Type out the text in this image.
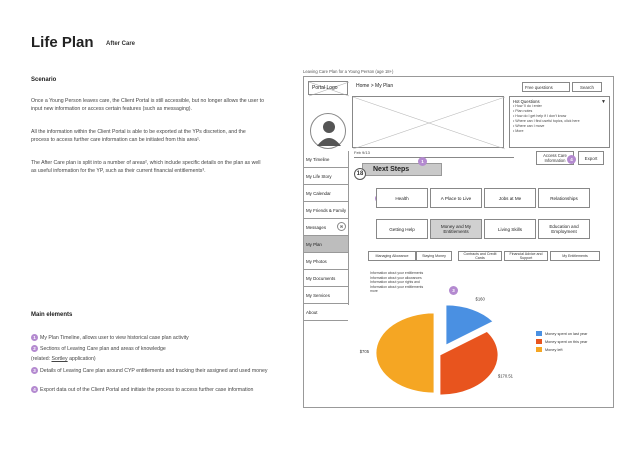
Life Plan After Care
Scenario
Once a Young Person leaves care, the Client Portal is still accessible, but no longer allows the user to input new information or access certain features (such as messaging).
All the information within the Client Portal is able to be exported at the YPs discretion, and the process to access further care information can be initiated from this area¹.
The After Care plan is split into a number of areas², which include specific details on the plan as well as useful information for the YP, such as their current financial entitlements³.
Main elements
1 My Plan Timeline, allows user to view historical case plan activity
2 Sections of Leaving Care plan and areas of knowledge
(related: Sortley application)
3 Details of Leaving Care plan around CYP entitlements and tracking their assigned and used money
4 Export data out of the Client Portal and initiate the process to access further case information
Leaving Care Plan for a Young Person (age 18+)
Portal Logo	Home > My Plan	Free questions	Search
Hot Questions
• How ’ll do i enter
• Plan notes
• How do I get help if I don’t know
• Where can I find useful topics, click here
• Where can I move
• More
▼
My Timeline
My Life Story
My Calendar
My Friends & Family
Messages	✉
My Plan
My Photos
My Documents
My Services
About
Feb 9/13
Next Steps
18
1
Access Care Information	4	Export
Health	A Place to Live	Jobs at Me	Relationships
Getting Help	Money and My Entitlements	Living Skills	Education and Employment
Managing Allowance	Staying Money	Contracts and Credit Cards
Financial Advice and Support	My Entitlements
Information about your entitlements
Information about your allowances
Information about your rights and
Information about your entitlements
more	3
$160
$170.51
$705
Money spent on last year
Money spent on this year
Money left
